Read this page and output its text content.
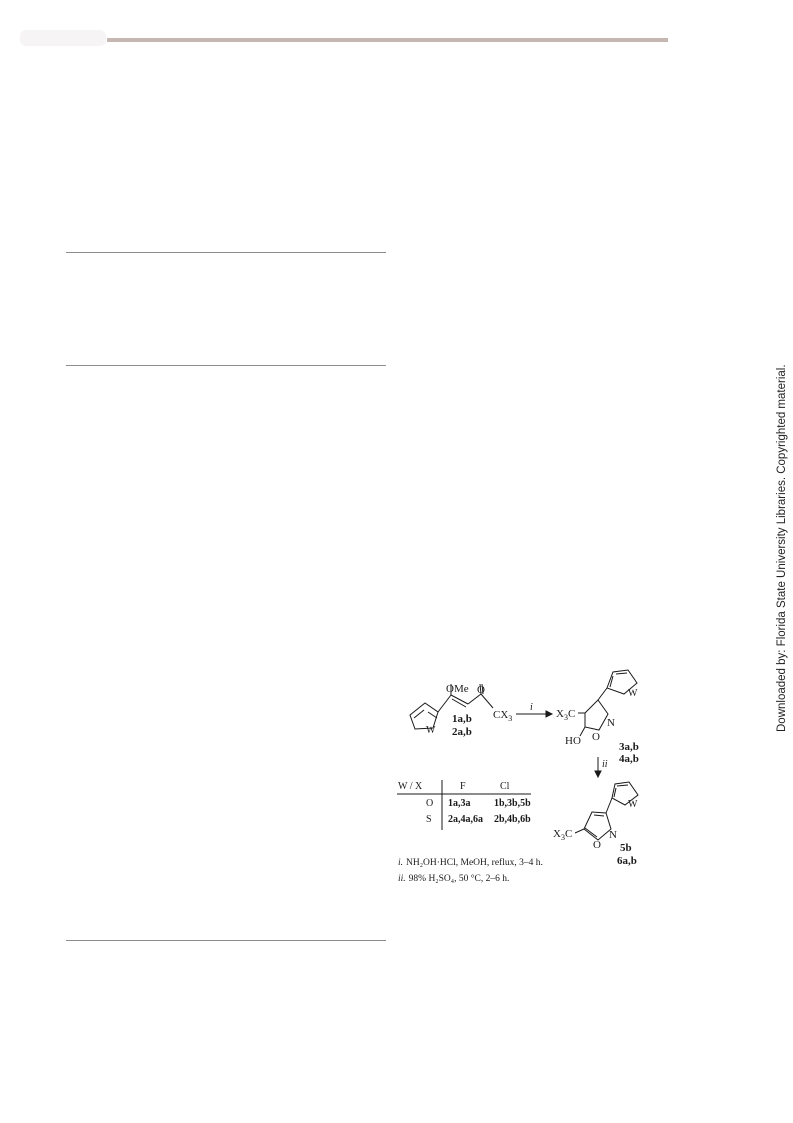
Downloaded by: Florida State University Libraries. Copyrighted material.
OMe O
$CX_3$
W
1a,b
2a,b
i
ii
$X_3C$
HO O
N
W
3a,b
4a,b
$X_3C$
O
N
W
5b
6a,b
W / X	F	Cl
O 1a,3a 1b,3b,5b
S 2a,4a,6a 2b,4b,6b
i. NH₂OH·HCl, MeOH, reflux, 3–4 h.
ii. 98% H₂SO₄, 50 °C, 2–6 h.
